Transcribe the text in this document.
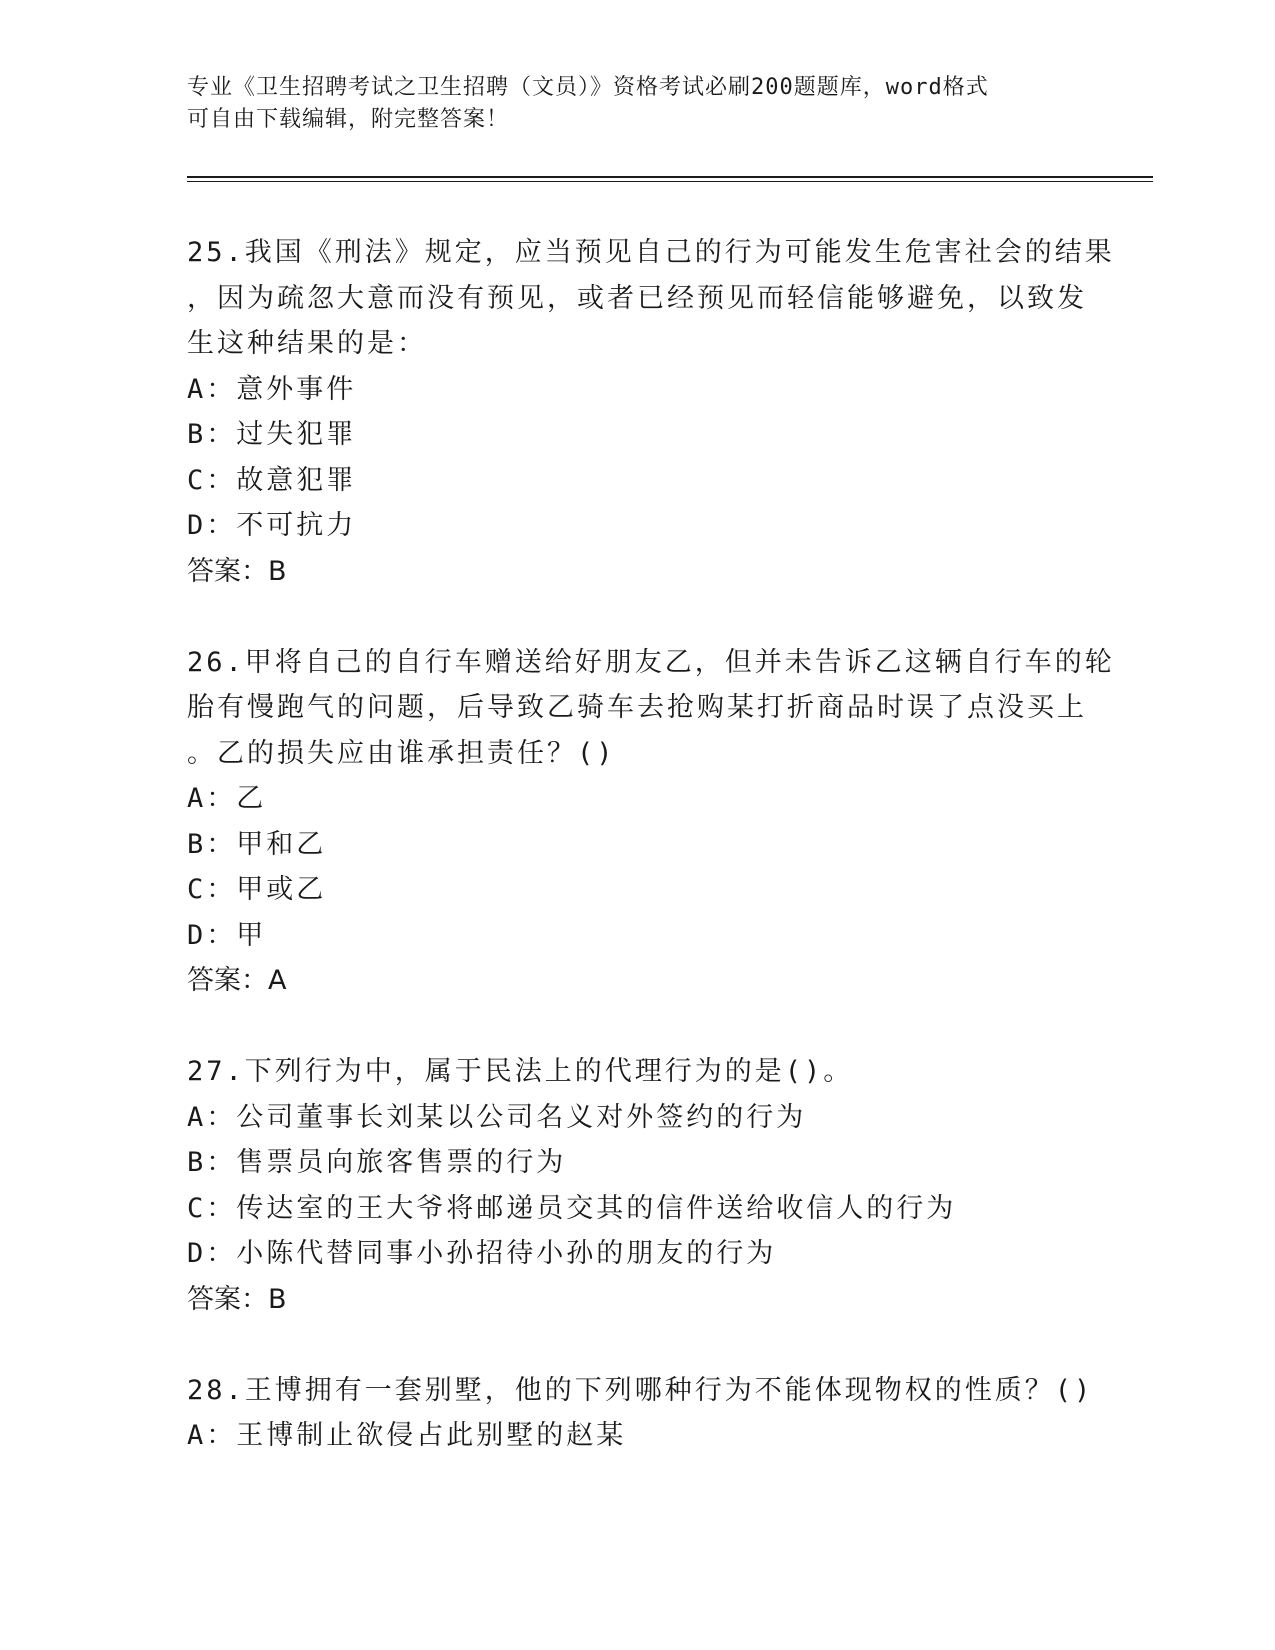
专业《卫生招聘考试之卫生招聘（文员）》资格考试必刷200题题库，word格式
可自由下载编辑，附完整答案！
25.我国《刑法》规定，应当预见自己的行为可能发生危害社会的结果
，因为疏忽大意而没有预见，或者已经预见而轻信能够避免，以致发
生这种结果的是：
A：意外事件
B：过失犯罪
C：故意犯罪
D：不可抗力
答案：B
26.甲将自己的自行车赠送给好朋友乙，但并未告诉乙这辆自行车的轮
胎有慢跑气的问题，后导致乙骑车去抢购某打折商品时误了点没买上
。乙的损失应由谁承担责任？()
A：乙
B：甲和乙
C：甲或乙
D：甲
答案：A
27.下列行为中，属于民法上的代理行为的是()。
A：公司董事长刘某以公司名义对外签约的行为
B：售票员向旅客售票的行为
C：传达室的王大爷将邮递员交其的信件送给收信人的行为
D：小陈代替同事小孙招待小孙的朋友的行为
答案：B
28.王博拥有一套别墅，他的下列哪种行为不能体现物权的性质？()
A：王博制止欲侵占此别墅的赵某
